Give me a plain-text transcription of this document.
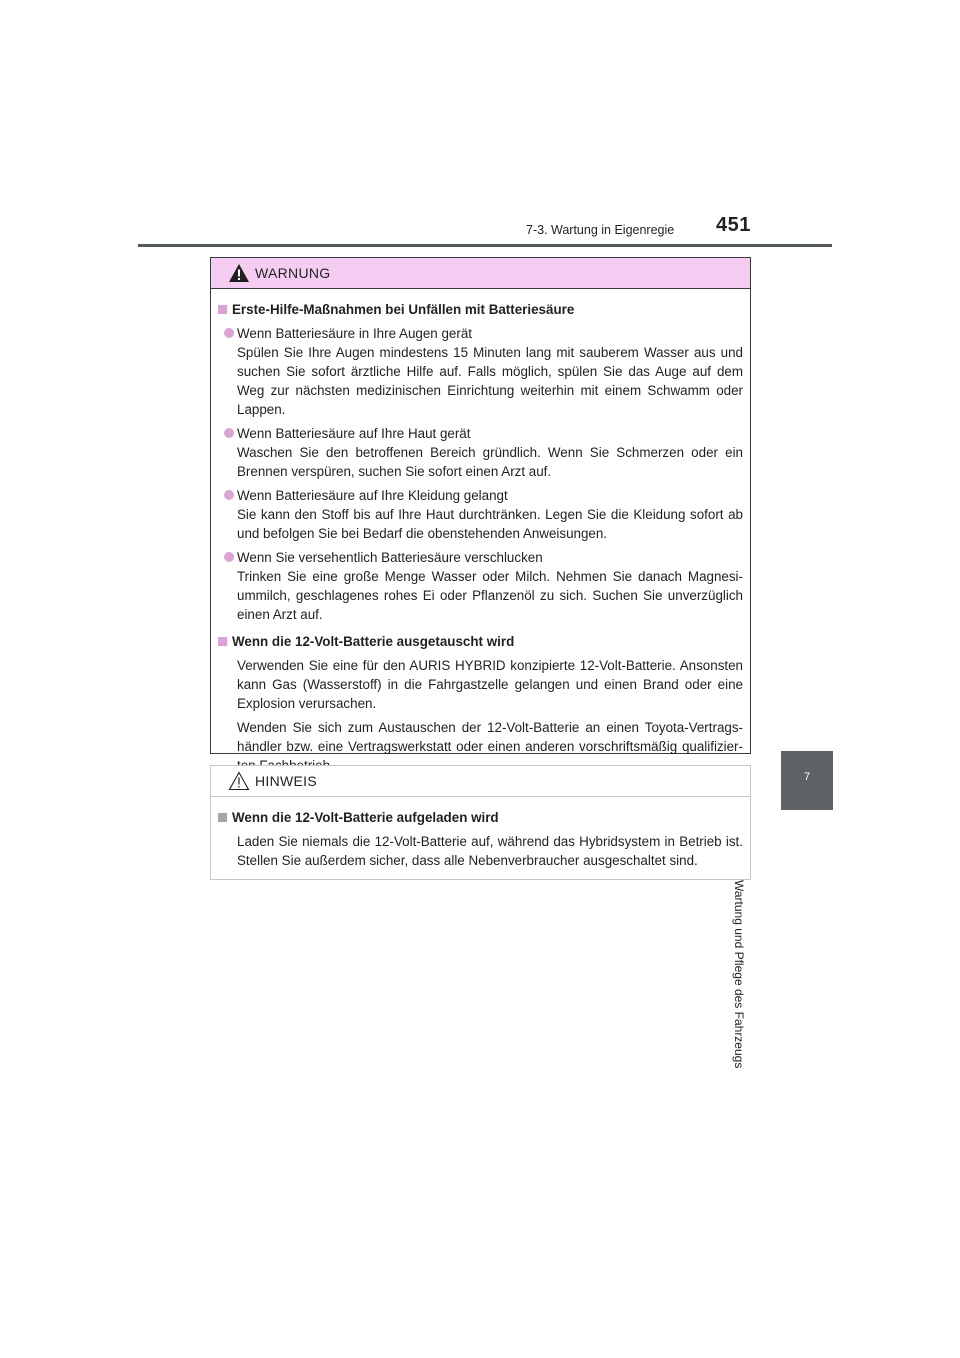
7-3. Wartung in Eigenregie 451
7
Wartung und Pflege des Fahrzeugs
WARNUNG
Erste-Hilfe-Maßnahmen bei Unfällen mit Batteriesäure
Wenn Batteriesäure in Ihre Augen gerät
Spülen Sie Ihre Augen mindestens 15 Minuten lang mit sauberem Wasser aus und suchen Sie sofort ärztliche Hilfe auf. Falls möglich, spülen Sie das Auge auf dem Weg zur nächsten medizinischen Einrichtung weiterhin mit einem Schwamm oder Lappen.
Wenn Batteriesäure auf Ihre Haut gerät
Waschen Sie den betroffenen Bereich gründlich. Wenn Sie Schmerzen oder ein Brennen verspüren, suchen Sie sofort einen Arzt auf.
Wenn Batteriesäure auf Ihre Kleidung gelangt
Sie kann den Stoff bis auf Ihre Haut durchtränken. Legen Sie die Kleidung sofort ab und befolgen Sie bei Bedarf die obenstehenden Anweisungen.
Wenn Sie versehentlich Batteriesäure verschlucken
Trinken Sie eine große Menge Wasser oder Milch. Nehmen Sie danach Magnesiummilch, geschlagenes rohes Ei oder Pflanzenöl zu sich. Suchen Sie unverzüglich einen Arzt auf.
Wenn die 12-Volt-Batterie ausgetauscht wird
Verwenden Sie eine für den AURIS HYBRID konzipierte 12-Volt-Batterie. Ansonsten kann Gas (Wasserstoff) in die Fahrgastzelle gelangen und einen Brand oder eine Explosion verursachen.
Wenden Sie sich zum Austauschen der 12-Volt-Batterie an einen Toyota-Vertragshändler bzw. eine Vertragswerkstatt oder einen anderen vorschriftsmäßig qualifizier
HINWEIS
Wenn die 12-Volt-Batterie aufgeladen wird
Laden Sie niemals die 12-Volt-Batterie auf, während das Hybridsystem in Betrieb ist. Stellen Sie außerdem sicher, dass alle Nebenverbraucher ausgeschaltet sind.
